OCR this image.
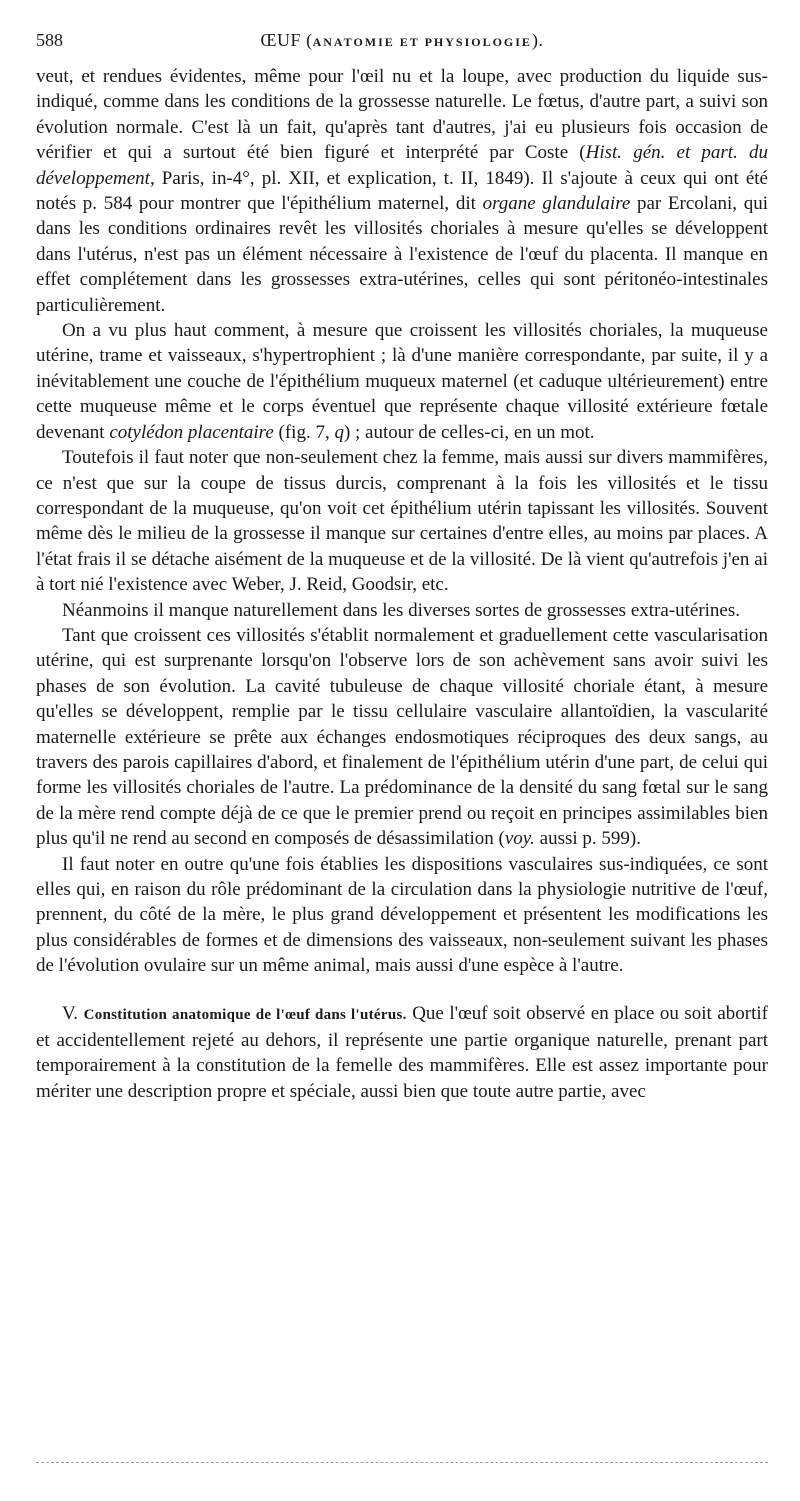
588	ŒUF (ANATOMIE ET PHYSIOLOGIE).

veut, et rendues évidentes, même pour l'œil nu et la loupe, avec production du liquide sus-indiqué, comme dans les conditions de la grossesse naturelle. Le fœtus, d'autre part, a suivi son évolution normale. C'est là un fait, qu'après tant d'autres, j'ai eu plusieurs fois occasion de vérifier et qui a surtout été bien figuré et interprété par Coste (Hist. gén. et part. du développement, Paris, in-4°, pl. XII, et explication, t. II, 1849). Il s'ajoute à ceux qui ont été notés p. 584 pour montrer que l'épithélium maternel, dit organe glandulaire par Ercolani, qui dans les conditions ordinaires revêt les villosités choriales à mesure qu'elles se développent dans l'utérus, n'est pas un élément nécessaire à l'existence de l'œuf du placenta. Il manque en effet complétement dans les grossesses extra-utérines, celles qui sont péritonéo-intestinales particulièrement.

On a vu plus haut comment, à mesure que croissent les villosités choriales, la muqueuse utérine, trame et vaisseaux, s'hypertrophient ; là d'une manière correspondante, par suite, il y a inévitablement une couche de l'épithélium muqueux maternel (et caduque ultérieurement) entre cette muqueuse même et le corps éventuel que représente chaque villosité extérieure fœtale devenant cotylédon placentaire (fig. 7, q) ; autour de celles-ci, en un mot.

Toutefois il faut noter que non-seulement chez la femme, mais aussi sur divers mammifères, ce n'est que sur la coupe de tissus durcis, comprenant à la fois les villosités et le tissu correspondant de la muqueuse, qu'on voit cet épithélium utérin tapissant les villosités. Souvent même dès le milieu de la grossesse il manque sur certaines d'entre elles, au moins par places. A l'état frais il se détache aisément de la muqueuse et de la villosité. De là vient qu'autrefois j'en ai à tort nié l'existence avec Weber, J. Reid, Goodsir, etc.

Néanmoins il manque naturellement dans les diverses sortes de grossesses extra-utérines.

Tant que croissent ces villosités s'établit normalement et graduellement cette vascularisation utérine, qui est surprenante lorsqu'on l'observe lors de son achèvement sans avoir suivi les phases de son évolution. La cavité tubuleuse de chaque villosité choriale étant, à mesure qu'elles se développent, remplie par le tissu cellulaire vasculaire allantoïdien, la vascularité maternelle extérieure se prête aux échanges endosmotiques réciproques des deux sangs, au travers des parois capillaires d'abord, et finalement de l'épithélium utérin d'une part, de celui qui forme les villosités choriales de l'autre. La prédominance de la densité du sang fœtal sur le sang de la mère rend compte déjà de ce que le premier prend ou reçoit en principes assimilables bien plus qu'il ne rend au second en composés de désassimilation (voy. aussi p. 599).

Il faut noter en outre qu'une fois établies les dispositions vasculaires sus-indiquées, ce sont elles qui, en raison du rôle prédominant de la circulation dans la physiologie nutritive de l'œuf, prennent, du côté de la mère, le plus grand développement et présentent les modifications les plus considérables de formes et de dimensions des vaisseaux, non-seulement suivant les phases de l'évolution ovulaire sur un même animal, mais aussi d'une espèce à l'autre.

V. Constitution anatomique de l'œuf dans l'utérus. Que l'œuf soit observé en place ou soit abortif et accidentellement rejeté au dehors, il représente une partie organique naturelle, prenant part temporairement à la constitution de la femelle des mammifères. Elle est assez importante pour mériter une description propre et spéciale, aussi bien que toute autre partie, avec
